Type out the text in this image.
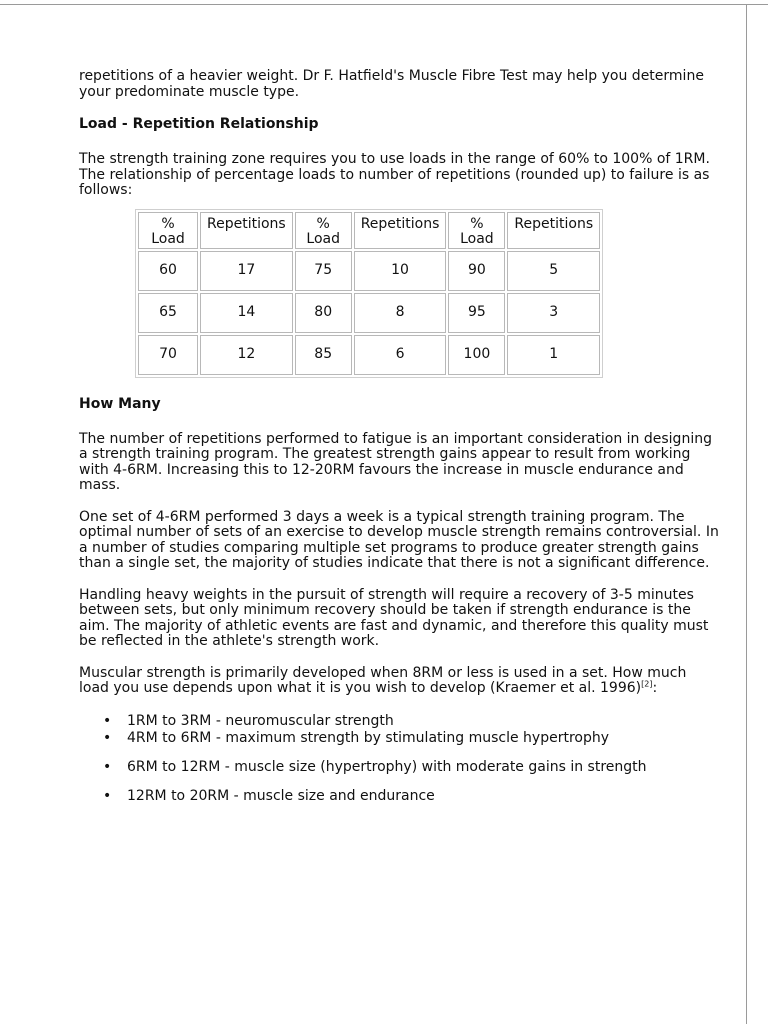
repetitions of a heavier weight. Dr F. Hatfield's Muscle Fibre Test may help you determine your predominate muscle type.

Load - Repetition Relationship

The strength training zone requires you to use loads in the range of 60% to 100% of 1RM. The relationship of percentage loads to number of repetitions (rounded up) to failure is as follows:

% Load	Repetitions	% Load	Repetitions	% Load	Repetitions
60	17	75	10	90	5
65	14	80	8	95	3
70	12	85	6	100	1
How Many

The number of repetitions performed to fatigue is an important consideration in designing a strength training program. The greatest strength gains appear to result from working with 4-6RM. Increasing this to 12-20RM favours the increase in muscle endurance and mass.

One set of 4-6RM performed 3 days a week is a typical strength training program. The optimal number of sets of an exercise to develop muscle strength remains controversial. In a number of studies comparing multiple set programs to produce greater strength gains than a single set, the majority of studies indicate that there is not a significant difference.

Handling heavy weights in the pursuit of strength will require a recovery of 3-5 minutes between sets, but only minimum recovery should be taken if strength endurance is the aim. The majority of athletic events are fast and dynamic, and therefore this quality must be reflected in the athlete's strength work.

Muscular strength is primarily developed when 8RM or less is used in a set. How much load you use depends upon what it is you wish to develop (Kraemer et al. 1996)[2]:

• 1RM to 3RM - neuromuscular strength
• 4RM to 6RM - maximum strength by stimulating muscle hypertrophy
• 6RM to 12RM - muscle size (hypertrophy) with moderate gains in strength
• 12RM to 20RM - muscle size and endurance
